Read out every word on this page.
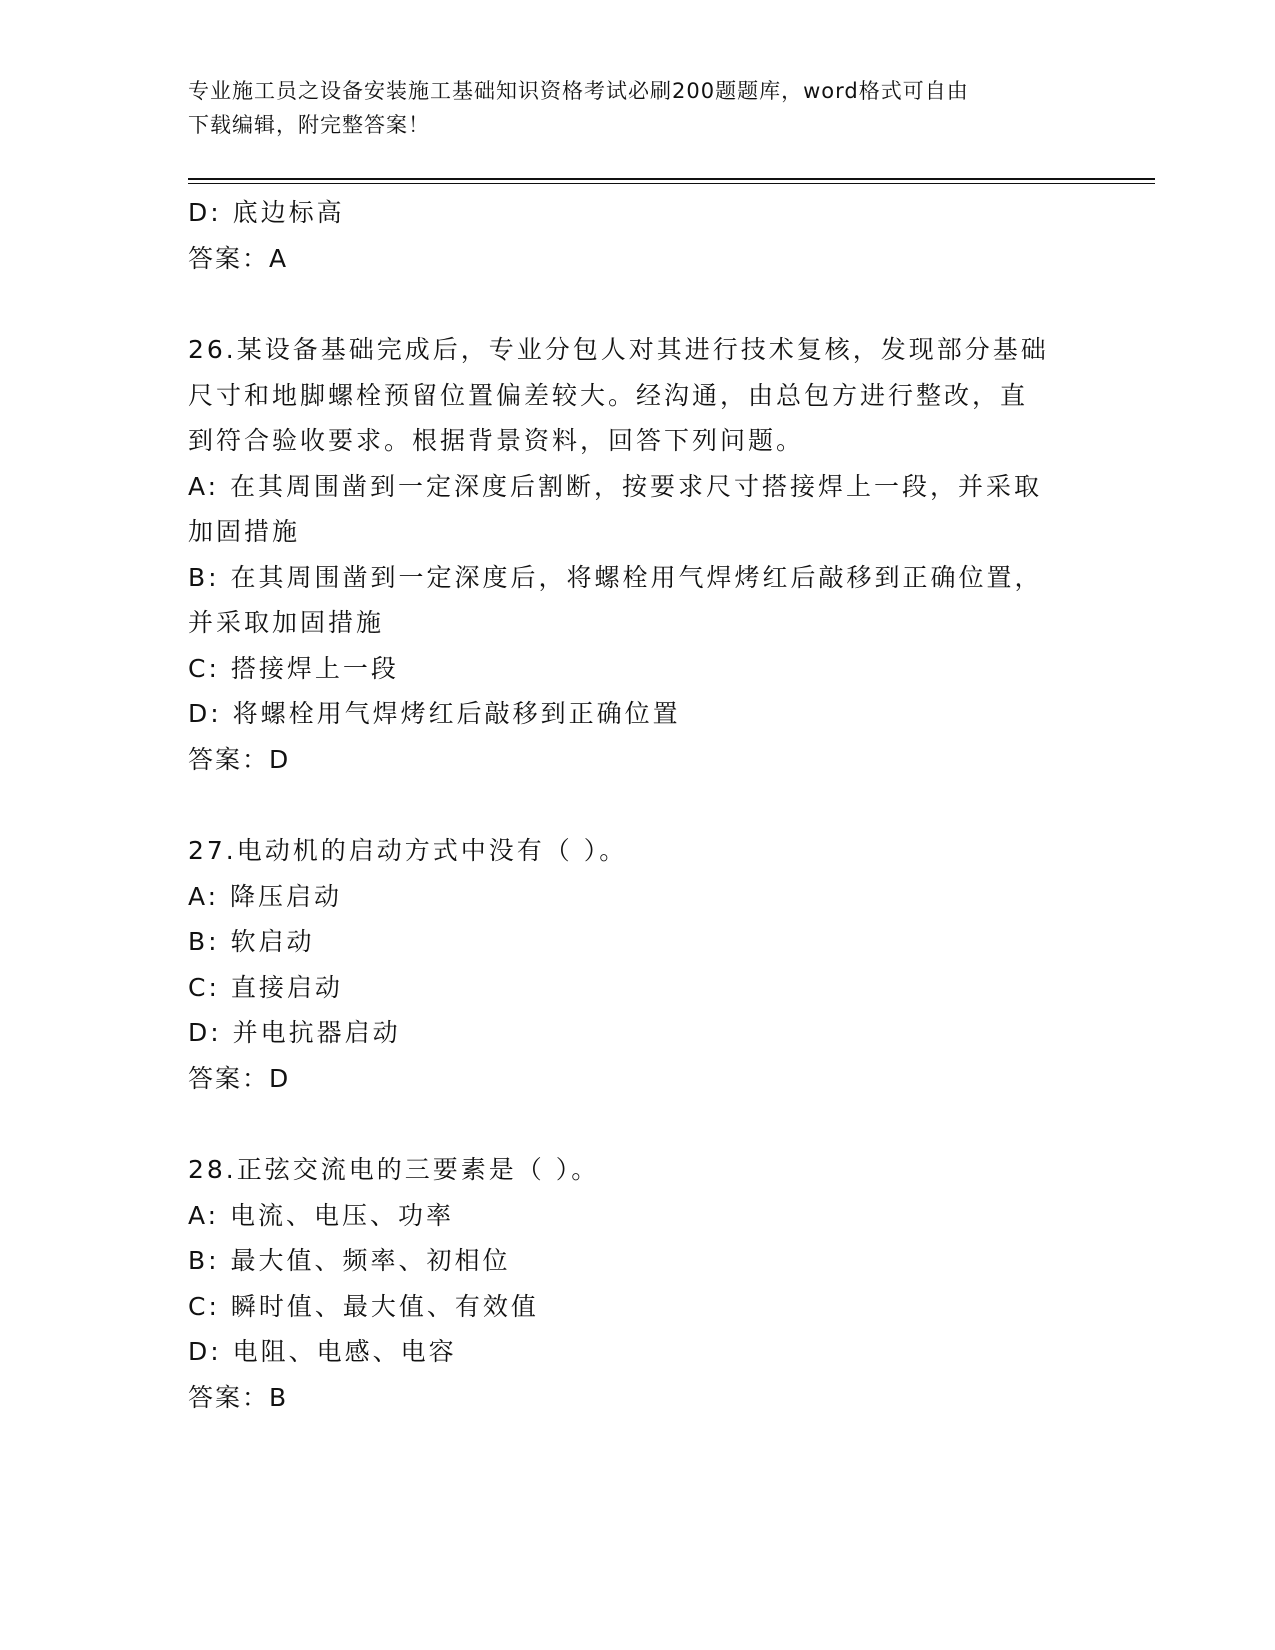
专业施工员之设备安装施工基础知识资格考试必刷200题题库，word格式可自由
下载编辑，附完整答案！
D: 底边标高
答案：A
26.某设备基础完成后，专业分包人对其进行技术复核，发现部分基础
尺寸和地脚螺栓预留位置偏差较大。经沟通，由总包方进行整改，直
到符合验收要求。根据背景资料，回答下列问题。
A: 在其周围凿到一定深度后割断，按要求尺寸搭接焊上一段，并采取
加固措施
B: 在其周围凿到一定深度后，将螺栓用气焊烤红后敲移到正确位置，
并采取加固措施
C: 搭接焊上一段
D: 将螺栓用气焊烤红后敲移到正确位置
答案：D
27.电动机的启动方式中没有（ ）。
A: 降压启动
B: 软启动
C: 直接启动
D: 并电抗器启动
答案：D
28.正弦交流电的三要素是（ ）。
A: 电流、电压、功率
B: 最大值、频率、初相位
C: 瞬时值、最大值、有效值
D: 电阻、电感、电容
答案：B
